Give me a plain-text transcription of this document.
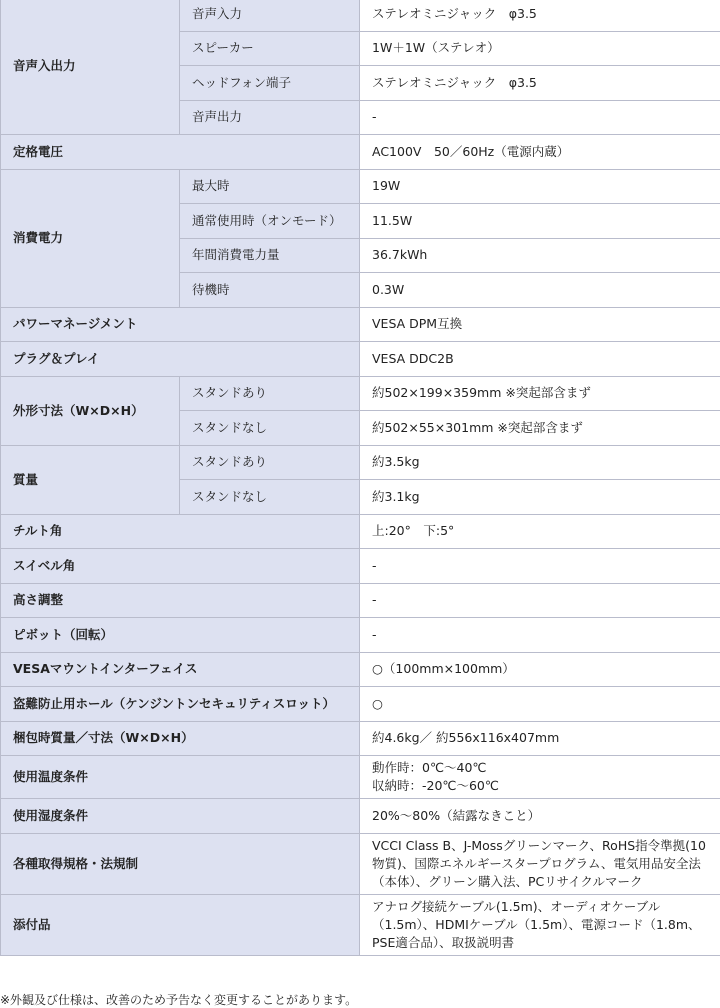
音声入出力	音声入力	ステレオミニジャック　φ3.5
	スピーカー	1W＋1W（ステレオ）
	ヘッドフォン端子	ステレオミニジャック　φ3.5
	音声出力	-
定格電圧		AC100V　50／60Hz（電源内蔵）
消費電力	最大時	19W
	通常使用時（オンモード）	11.5W
	年間消費電力量	36.7kWh
	待機時	0.3W
パワーマネージメント		VESA DPM互換
プラグ＆プレイ		VESA DDC2B
外形寸法（W×D×H）	スタンドあり	約502×199×359mm ※突起部含まず
	スタンドなし	約502×55×301mm ※突起部含まず
質量	スタンドあり	約3.5kg
	スタンドなし	約3.1kg
チルト角		上:20°　下:5°
スイベル角		-
高さ調整		-
ピボット（回転）		-
VESAマウントインターフェイス		○（100mm×100mm）
盗難防止用ホール（ケンジントンセキュリティスロット）		○
梱包時質量／寸法（W×D×H）		約4.6kg／ 約556x116x407mm
使用温度条件		動作時：0℃～40℃
収納時：-20℃～60℃

使用湿度条件		20%～80%（結露なきこと）
各種取得規格・法規制		VCCI Class B、J-Mossグリーンマーク、RoHS指令準拠(10物質)、国際エネルギースタープログラム、電気用品安全法（本体）、グリーン購入法、PCリサイクルマーク
添付品		アナログ接続ケーブル(1.5m)、オーディオケーブル（1.5m）、HDMIケーブル（1.5m）、電源コード（1.8m、PSE適合品）、取扱説明書
※外観及び仕様は、改善のため予告なく変更することがあります。
